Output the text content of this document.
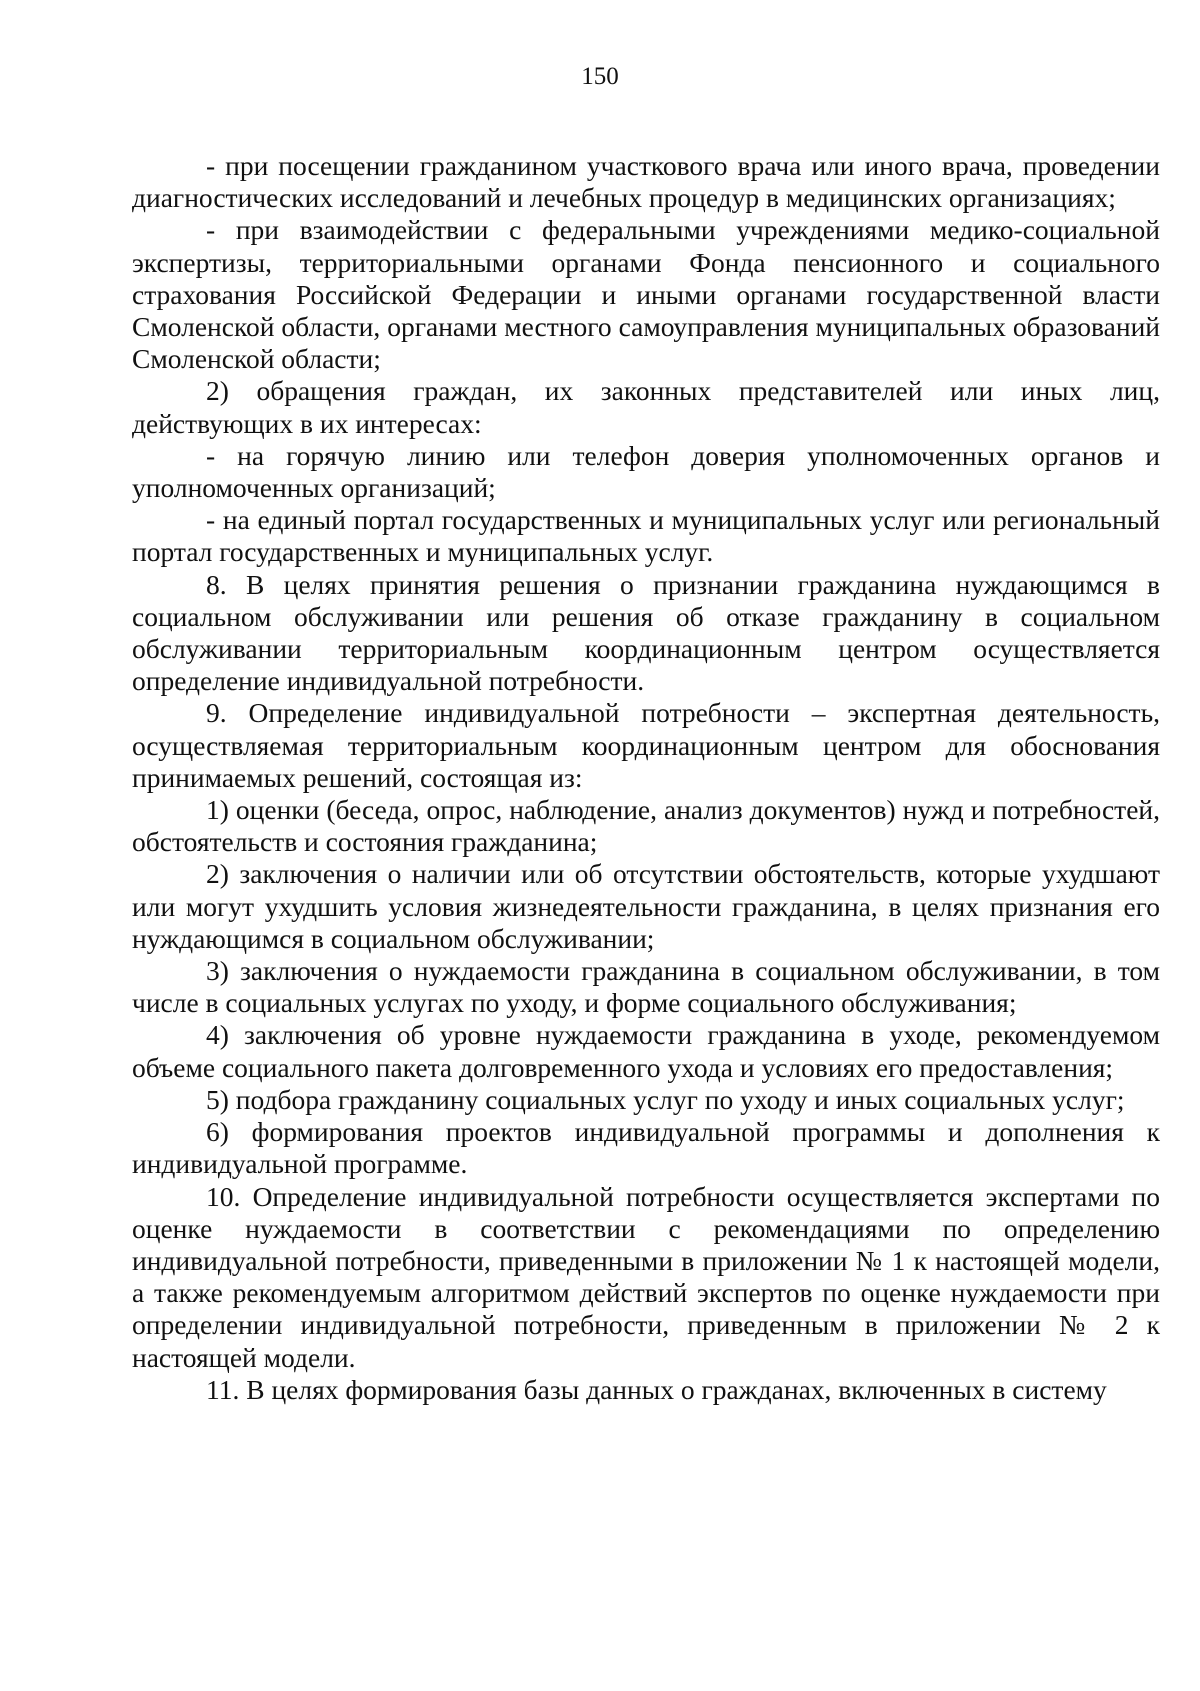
150

- при посещении гражданином участкового врача или иного врача, проведении диагностических исследований и лечебных процедур в медицинских организациях;

- при взаимодействии с федеральными учреждениями медико-социальной экспертизы, территориальными органами Фонда пенсионного и социального страхования Российской Федерации и иными органами государственной власти Смоленской области, органами местного самоуправления муниципальных образований Смоленской области;

2) обращения граждан, их законных представителей или иных лиц, действующих в их интересах:

- на горячую линию или телефон доверия уполномоченных органов и уполномоченных организаций;

- на единый портал государственных и муниципальных услуг или региональный портал государственных и муниципальных услуг.

8. В целях принятия решения о признании гражданина нуждающимся в социальном обслуживании или решения об отказе гражданину в социальном обслуживании территориальным координационным центром осуществляется определение индивидуальной потребности.

9. Определение индивидуальной потребности – экспертная деятельность, осуществляемая территориальным координационным центром для обоснования принимаемых решений, состоящая из:

1) оценки (беседа, опрос, наблюдение, анализ документов) нужд и потребностей, обстоятельств и состояния гражданина;

2) заключения о наличии или об отсутствии обстоятельств, которые ухудшают или могут ухудшить условия жизнедеятельности гражданина, в целях признания его нуждающимся в социальном обслуживании;

3) заключения о нуждаемости гражданина в социальном обслуживании, в том числе в социальных услугах по уходу, и форме социального обслуживания;

4) заключения об уровне нуждаемости гражданина в уходе, рекомендуемом объеме социального пакета долговременного ухода и условиях его предоставления;

5) подбора гражданину социальных услуг по уходу и иных социальных услуг;

6) формирования проектов индивидуальной программы и дополнения к индивидуальной программе.

10. Определение индивидуальной потребности осуществляется экспертами по оценке нуждаемости в соответствии с рекомендациями по определению индивидуальной потребности, приведенными в приложении № 1 к настоящей модели, а также рекомендуемым алгоритмом действий экспертов по оценке нуждаемости при определении индивидуальной потребности, приведенным в приложении № 2 к настоящей модели.

11. В целях формирования базы данных о гражданах, включенных в систему
